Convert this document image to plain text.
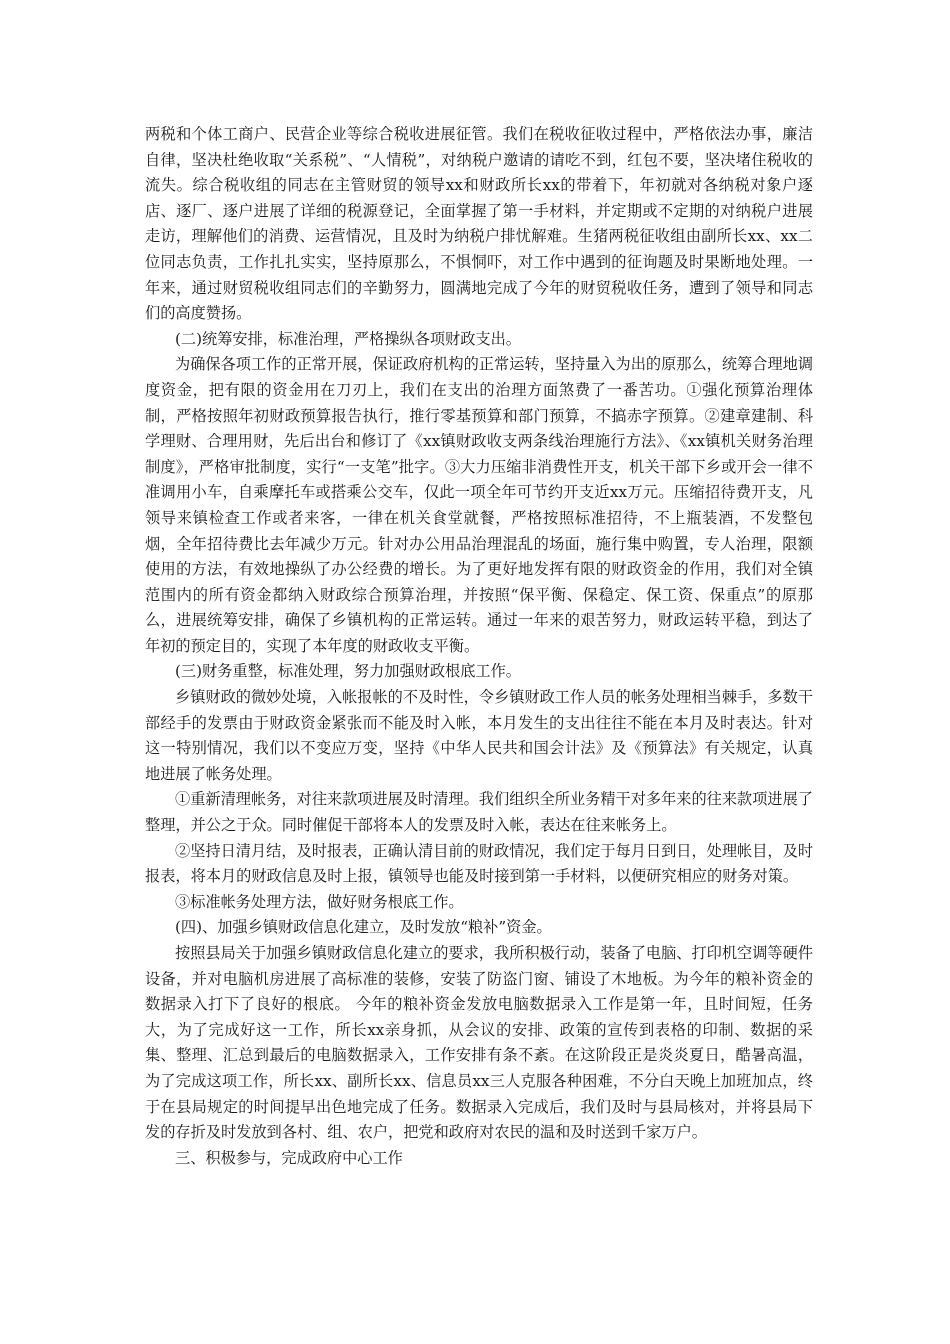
两税和个体工商户、民营企业等综合税收进展征管。我们在税收征收过程中，严格依法办事，廉洁自律，坚决杜绝收取“关系税”、“人情税”，对纳税户邀请的请吃不到，红包不要，坚决堵住税收的流失。综合税收组的同志在主管财贸的领导xx和财政所长xx的带着下，年初就对各纳税对象户逐店、逐厂、逐户进展了详细的税源登记，全面掌握了第一手材料，并定期或不定期的对纳税户进展走访，理解他们的消费、运营情况，且及时为纳税户排忧解难。生猪两税征收组由副所长xx、xx二位同志负责，工作扎扎实实，坚持原那么，不惧恫吓，对工作中遇到的征询题及时果断地处理。一年来，通过财贸税收组同志们的辛勤努力，圆满地完成了今年的财贸税收任务，遭到了领导和同志们的高度赞扬。

(二)统筹安排，标准治理，严格操纵各项财政支出。

为确保各项工作的正常开展，保证政府机构的正常运转，坚持量入为出的原那么，统筹合理地调度资金，把有限的资金用在刀刃上，我们在支出的治理方面煞费了一番苦功。①强化预算治理体制，严格按照年初财政预算报告执行，推行零基预算和部门预算，不搞赤字预算。②建章建制、科学理财、合理用财，先后出台和修订了《xx镇财政收支两条线治理施行方法》、《xx镇机关财务治理制度》，严格审批制度，实行“一支笔”批字。③大力压缩非消费性开支，机关干部下乡或开会一律不准调用小车，自乘摩托车或搭乘公交车，仅此一项全年可节约开支近xx万元。压缩招待费开支，凡领导来镇检查工作或者来客，一律在机关食堂就餐，严格按照标准招待，不上瓶装酒，不发整包烟，全年招待费比去年减少万元。针对办公用品治理混乱的场面，施行集中购置，专人治理，限额使用的方法，有效地操纵了办公经费的增长。为了更好地发挥有限的财政资金的作用，我们对全镇范围内的所有资金都纳入财政综合预算治理，并按照“保平衡、保稳定、保工资、保重点”的原那么，进展统筹安排，确保了乡镇机构的正常运转。通过一年来的艰苦努力，财政运转平稳，到达了年初的预定目的，实现了本年度的财政收支平衡。

(三)财务重整，标准处理，努力加强财政根底工作。

乡镇财政的微妙处境，入帐报帐的不及时性，令乡镇财政工作人员的帐务处理相当棘手，多数干部经手的发票由于财政资金紧张而不能及时入帐，本月发生的支出往往不能在本月及时表达。针对这一特别情况，我们以不变应万变，坚持《中华人民共和国会计法》及《预算法》有关规定，认真地进展了帐务处理。

①重新清理帐务，对往来款项进展及时清理。我们组织全所业务精干对多年来的往来款项进展了整理，并公之于众。同时催促干部将本人的发票及时入帐，表达在往来帐务上。

②坚持日清月结，及时报表，正确认清目前的财政情况，我们定于每月日到日，处理帐目，及时报表，将本月的财政信息及时上报，镇领导也能及时接到第一手材料，以便研究相应的财务对策。

③标准帐务处理方法，做好财务根底工作。

(四)、加强乡镇财政信息化建立，及时发放“粮补”资金。

按照县局关于加强乡镇财政信息化建立的要求，我所积极行动，装备了电脑、打印机空调等硬件设备，并对电脑机房进展了高标准的装修，安装了防盗门窗、铺设了木地板。为今年的粮补资金的数据录入打下了良好的根底。 今年的粮补资金发放电脑数据录入工作是第一年，且时间短，任务大，为了完成好这一工作，所长xx亲身抓，从会议的安排、政策的宣传到表格的印制、数据的采集、整理、汇总到最后的电脑数据录入，工作安排有条不紊。在这阶段正是炎炎夏日，酷暑高温，为了完成这项工作，所长xx、副所长xx、信息员xx三人克服各种困难，不分白天晚上加班加点，终于在县局规定的时间提早出色地完成了任务。数据录入完成后，我们及时与县局核对，并将县局下发的存折及时发放到各村、组、农户，把党和政府对农民的温和及时送到千家万户。

三、积极参与，完成政府中心工作
